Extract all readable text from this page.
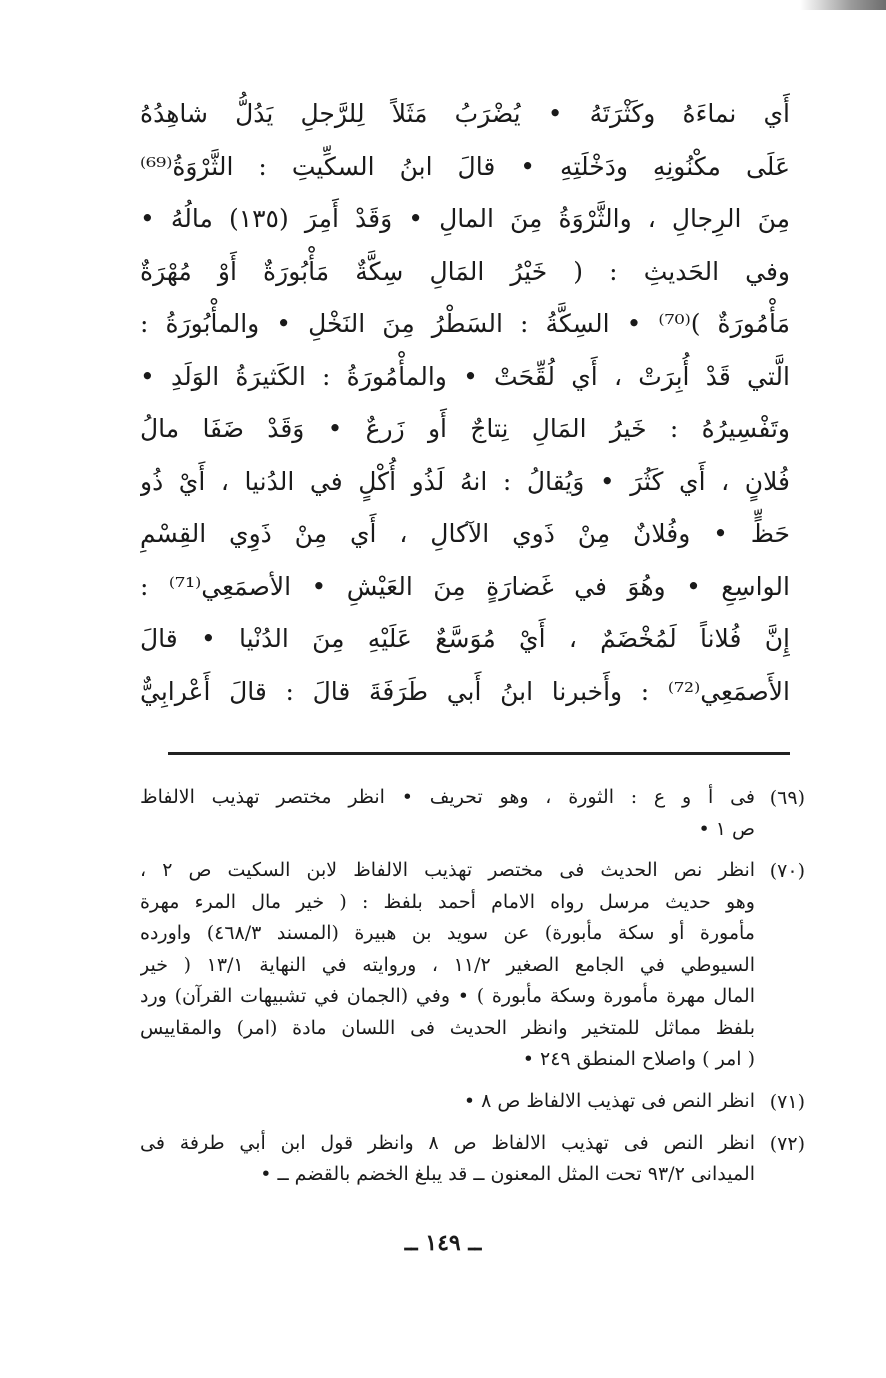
أَي نماءَهُ وكَثْرَتَهُ • يُضْرَبُ مَثَلاً لِلرَّجلِ يَدُلُّ شاهِدُهُ
عَلَى مكْنُونِهِ ودَخْلَتِهِ • قالَ ابنُ السكِّيتِ : الثَّرْوَةُ⁽⁶⁹⁾
مِنَ الرِجالِ ، والثَّرْوَةُ مِنَ المالِ • وَقَدْ أَمِرَ (١٣٥) مالُهُ •
وفي الحَديثِ : ( خَيْرُ المَالِ سِكَّةٌ مَأْبُورَةٌ أَوْ مُهْرَةٌ
مَأْمُورَةٌ )⁽⁷⁰⁾ • السِكَّةُ : السَطْرُ مِنَ النَخْلِ • والمأْبُورَةُ :
الَّتي قَدْ أُبِرَتْ ، أَي لُقِّحَتْ • والمأْمُورَةُ : الكَثيرَةُ الوَلَدِ •
وتَفْسِيرُهُ : خَيرُ المَالِ نِتاجٌ أَو زَرعٌ • وَقَدْ ضَفَا مالُ
فُلانٍ ، أَي كَثُرَ • وَيُقالُ : انهُ لَذُو أُكْلٍ في الدُنيا ، أَيْ ذُو
حَظٍّ • وفُلانٌ مِنْ ذَوي الآكالِ ، أَي مِنْ ذَوِي القِسْمِ
الواسِعِ • وهُوَ في غَضارَةٍ مِنَ العَيْشِ • الأصمَعِي⁽⁷¹⁾ :
إِنَّ فُلاناً لَمُخْضَمٌ ، أَيْ مُوَسَّعٌ عَلَيْهِ مِنَ الدُنْيا • قالَ
الأَصمَعِي⁽⁷²⁾ : وأَخبرنا ابنُ أَبي طَرَفَةَ قالَ : قالَ أَعْرابِيٌّ
(٦٩)
فى أ و ع : الثورة ، وهو تحريف • انظر مختصر تهذيب الالفاظ
ص ١ •
(٧٠)
انظر نص الحديث فى مختصر تهذيب الالفاظ لابن السكيت ص ٢ ،
وهو حديث مرسل رواه الامام أحمد بلفظ : ( خير مال المرء مهرة
مأمورة أو سكة مأبورة) عن سويد بن هبيرة (المسند ٤٦٨/٣) واورده
السيوطي في الجامع الصغير ١١/٢ ، وروايته في النهاية ١٣/١ ( خير
المال مهرة مأمورة وسكة مأبورة ) • وفي (الجمان في تشبيهات القرآن) ورد
بلفظ مماثل للمتخير وانظر الحديث فى اللسان مادة (امر) والمقاييس
( امر ) واصلاح المنطق ٢٤٩ •
(٧١)
انظر النص فى تهذيب الالفاظ ص ٨ •
(٧٢)
انظر النص فى تهذيب الالفاظ ص ٨ وانظر قول ابن أبي طرفة فى
الميدانى ٩٣/٢ تحت المثل المعنون ــ قد يبلغ الخضم بالقضم ــ •
ــ ١٤٩ ــ
